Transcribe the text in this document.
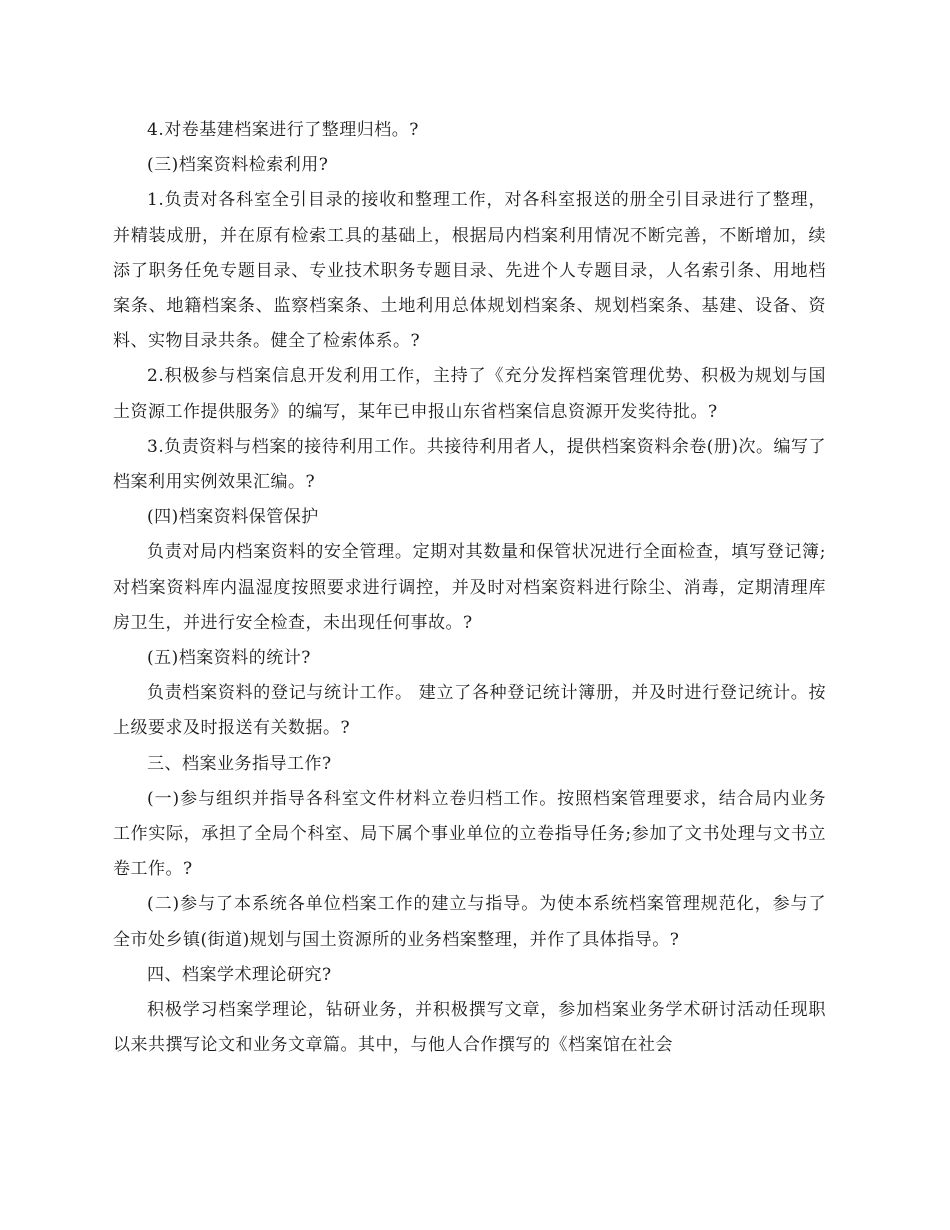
4.对卷基建档案进行了整理归档。?

(三)档案资料检索利用?

1.负责对各科室全引目录的接收和整理工作，对各科室报送的册全引目录进行了整理，并精装成册，并在原有检索工具的基础上，根据局内档案利用情况不断完善，不断增加，续添了职务任免专题目录、专业技术职务专题目录、先进个人专题目录，人名索引条、用地档案条、地籍档案条、监察档案条、土地利用总体规划档案条、规划档案条、基建、设备、资料、实物目录共条。健全了检索体系。?

2.积极参与档案信息开发利用工作，主持了《充分发挥档案管理优势、积极为规划与国土资源工作提供服务》的编写，某年已申报山东省档案信息资源开发奖待批。?

3.负责资料与档案的接待利用工作。共接待利用者人，提供档案资料余卷(册)次。编写了档案利用实例效果汇编。?

(四)档案资料保管保护

负责对局内档案资料的安全管理。定期对其数量和保管状况进行全面检查，填写登记簿;对档案资料库内温湿度按照要求进行调控，并及时对档案资料进行除尘、消毒，定期清理库房卫生，并进行安全检查，未出现任何事故。?

(五)档案资料的统计?

负责档案资料的登记与统计工作。 建立了各种登记统计簿册，并及时进行登记统计。按上级要求及时报送有关数据。?

三、档案业务指导工作?

(一)参与组织并指导各科室文件材料立卷归档工作。按照档案管理要求，结合局内业务工作实际，承担了全局个科室、局下属个事业单位的立卷指导任务;参加了文书处理与文书立卷工作。?

(二)参与了本系统各单位档案工作的建立与指导。为使本系统档案管理规范化，参与了全市处乡镇(街道)规划与国土资源所的业务档案整理，并作了具体指导。?

四、档案学术理论研究?

积极学习档案学理论，钻研业务，并积极撰写文章，参加档案业务学术研讨活动任现职以来共撰写论文和业务文章篇。其中，与他人合作撰写的《档案馆在社会
